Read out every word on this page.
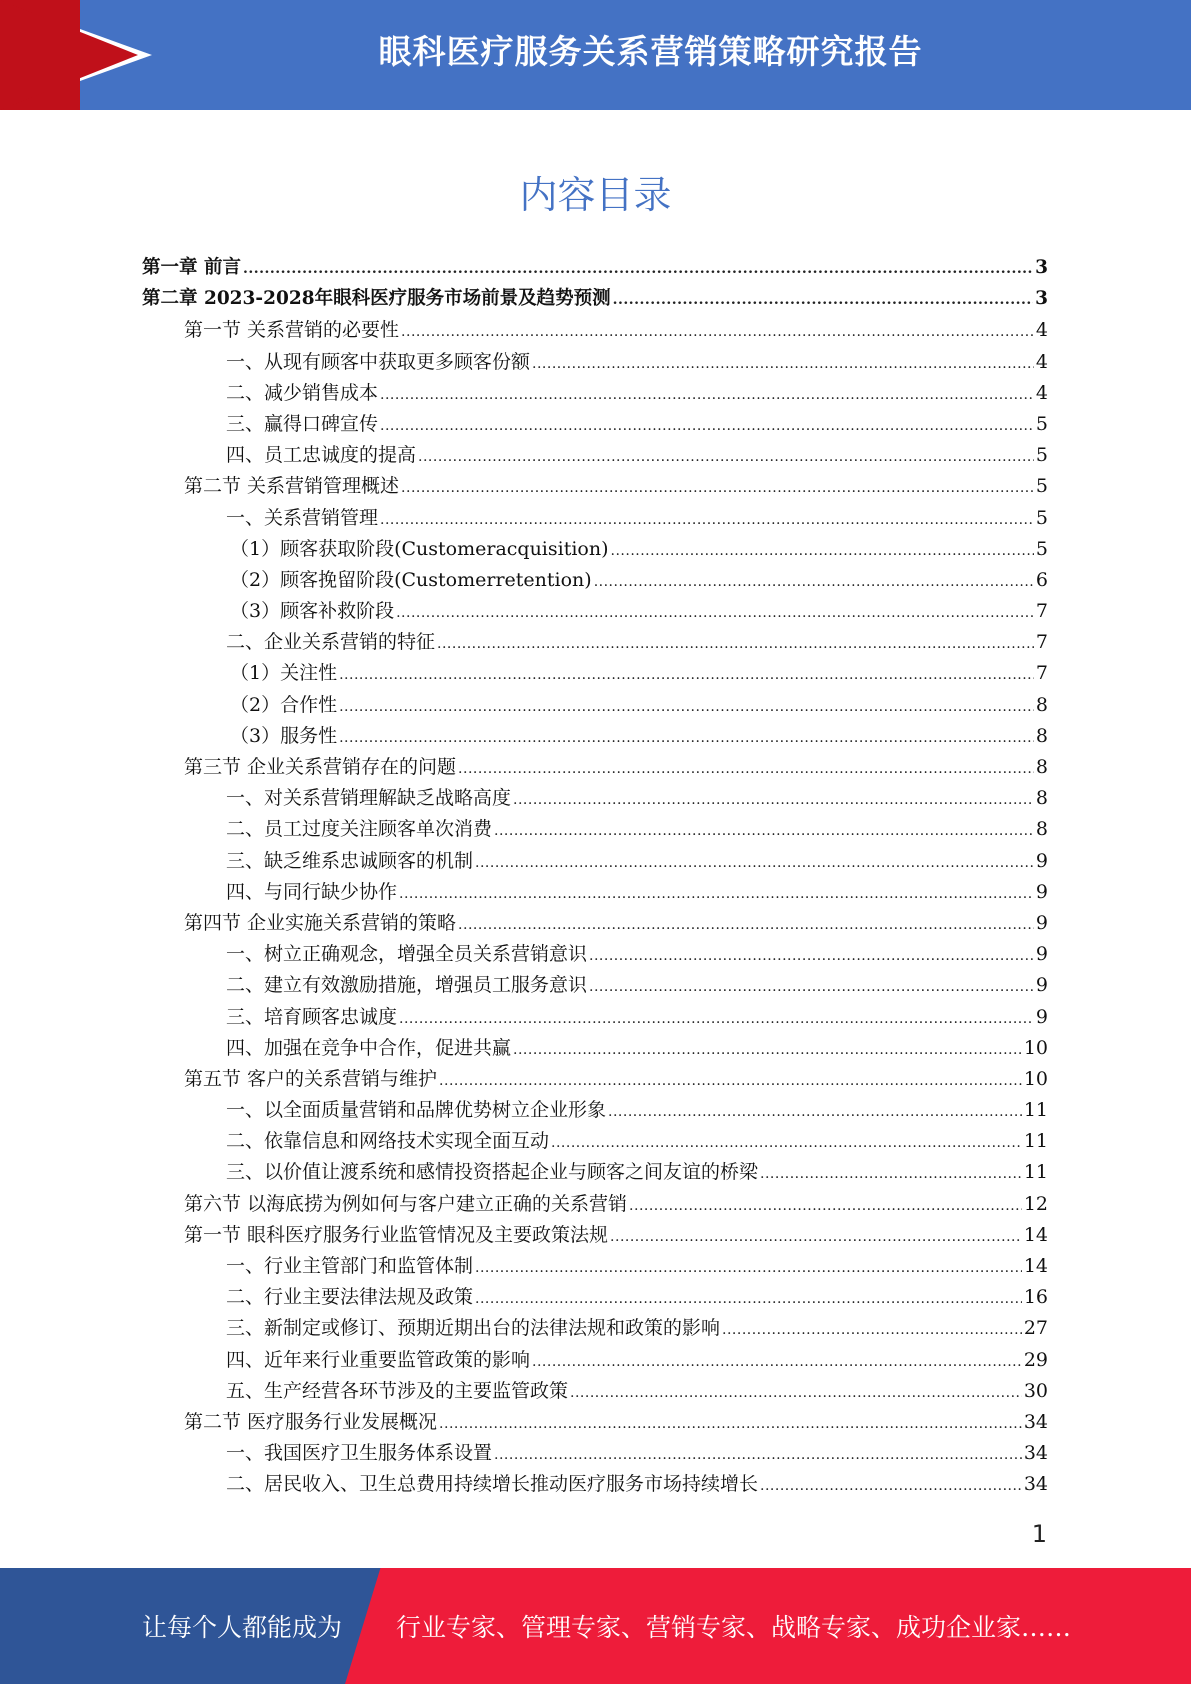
眼科医疗服务关系营销策略研究报告
内容目录
第一章 前言 .....	3
第二章 2023-2028年眼科医疗服务市场前景及趋势预测 .....	3
第一节 关系营销的必要性 .....	4
一、从现有顾客中获取更多顾客份额 .....	4
二、减少销售成本 .....	4
三、赢得口碑宣传 .....	5
四、员工忠诚度的提高 .....	5
第二节 关系营销管理概述 .....	5
一、关系营销管理 .....	5
（1）顾客获取阶段(Customeracquisition) .....	5
（2）顾客挽留阶段(Customerretention) .....	6
（3）顾客补救阶段 .....	7
二、企业关系营销的特征 .....	7
（1）关注性 .....	7
（2）合作性 .....	8
（3）服务性 .....	8
第三节 企业关系营销存在的问题 .....	8
一、对关系营销理解缺乏战略高度 .....	8
二、员工过度关注顾客单次消费 .....	8
三、缺乏维系忠诚顾客的机制 .....	9
四、与同行缺少协作 .....	9
第四节 企业实施关系营销的策略 .....	9
一、树立正确观念，增强全员关系营销意识 .....	9
二、建立有效激励措施，增强员工服务意识 .....	9
三、培育顾客忠诚度 .....	9
四、加强在竞争中合作，促进共赢 .....	10
第五节 客户的关系营销与维护 .....	10
一、以全面质量营销和品牌优势树立企业形象 .....	11
二、依靠信息和网络技术实现全面互动 .....	11
三、以价值让渡系统和感情投资搭起企业与顾客之间友谊的桥梁 .....	11
第六节 以海底捞为例如何与客户建立正确的关系营销 .....	12
第一节 眼科医疗服务行业监管情况及主要政策法规 .....	14
一、行业主管部门和监管体制 .....	14
二、行业主要法律法规及政策 .....	16
三、新制定或修订、预期近期出台的法律法规和政策的影响 .....	27
四、近年来行业重要监管政策的影响 .....	29
五、生产经营各环节涉及的主要监管政策 .....	30
第二节 医疗服务行业发展概况 .....	34
一、我国医疗卫生服务体系设置 .....	34
二、居民收入、卫生总费用持续增长推动医疗服务市场持续增长 .....	34
1
让每个人都能成为 行业专家、管理专家、营销专家、战略专家、成功企业家……
